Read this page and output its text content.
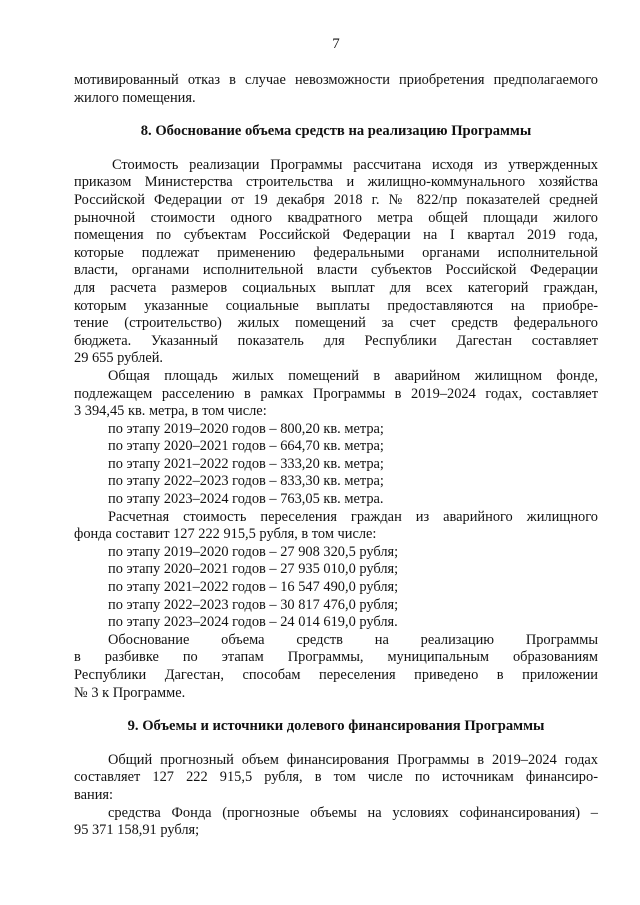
7

мотивированный отказ в случае невозможности приобретения предполагаемого

жилого помещения.

8. Обоснование объема средств на реализацию Программы

Стоимость реализации Программы рассчитана исходя из утвержденных

приказом Министерства строительства и жилищно-коммунального хозяйства

Российской Федерации от 19 декабря 2018 г. № 822/пр показателей средней

рыночной стоимости одного квадратного метра общей площади жилого

помещения по субъектам Российской Федерации на I квартал 2019 года,

которые подлежат применению федеральными органами исполнительной

власти, органами исполнительной власти субъектов Российской Федерации

для расчета размеров социальных выплат для всех категорий граждан,

которым указанные социальные выплаты предоставляются на приобре-

тение (строительство) жилых помещений за счет средств федерального

бюджета. Указанный показатель для Республики Дагестан составляет

29 655 рублей.

Общая площадь жилых помещений в аварийном жилищном фонде,

подлежащем расселению в рамках Программы в 2019–2024 годах, составляет

3 394,45 кв. метра, в том числе:

по этапу 2019–2020 годов – 800,20 кв. метра;

по этапу 2020–2021 годов – 664,70 кв. метра;

по этапу 2021–2022 годов – 333,20 кв. метра;

по этапу 2022–2023 годов – 833,30 кв. метра;

по этапу 2023–2024 годов – 763,05 кв. метра.

Расчетная стоимость переселения граждан из аварийного жилищного

фонда составит 127 222 915,5 рубля, в том числе:

по этапу 2019–2020 годов – 27 908 320,5 рубля;

по этапу 2020–2021 годов – 27 935 010,0 рубля;

по этапу 2021–2022 годов – 16 547 490,0 рубля;

по этапу 2022–2023 годов – 30 817 476,0 рубля;

по этапу 2023–2024 годов – 24 014 619,0 рубля.

Обоснование объема средств на реализацию Программы

в разбивке по этапам Программы, муниципальным образованиям

Республики Дагестан, способам переселения приведено в приложении

№ 3 к Программе.

9. Объемы и источники долевого финансирования Программы

Общий прогнозный объем финансирования Программы в 2019–2024 годах

составляет 127 222 915,5 рубля, в том числе по источникам финансиро-

вания:

средства Фонда (прогнозные объемы на условиях софинансирования) –

95 371 158,91 рубля;
